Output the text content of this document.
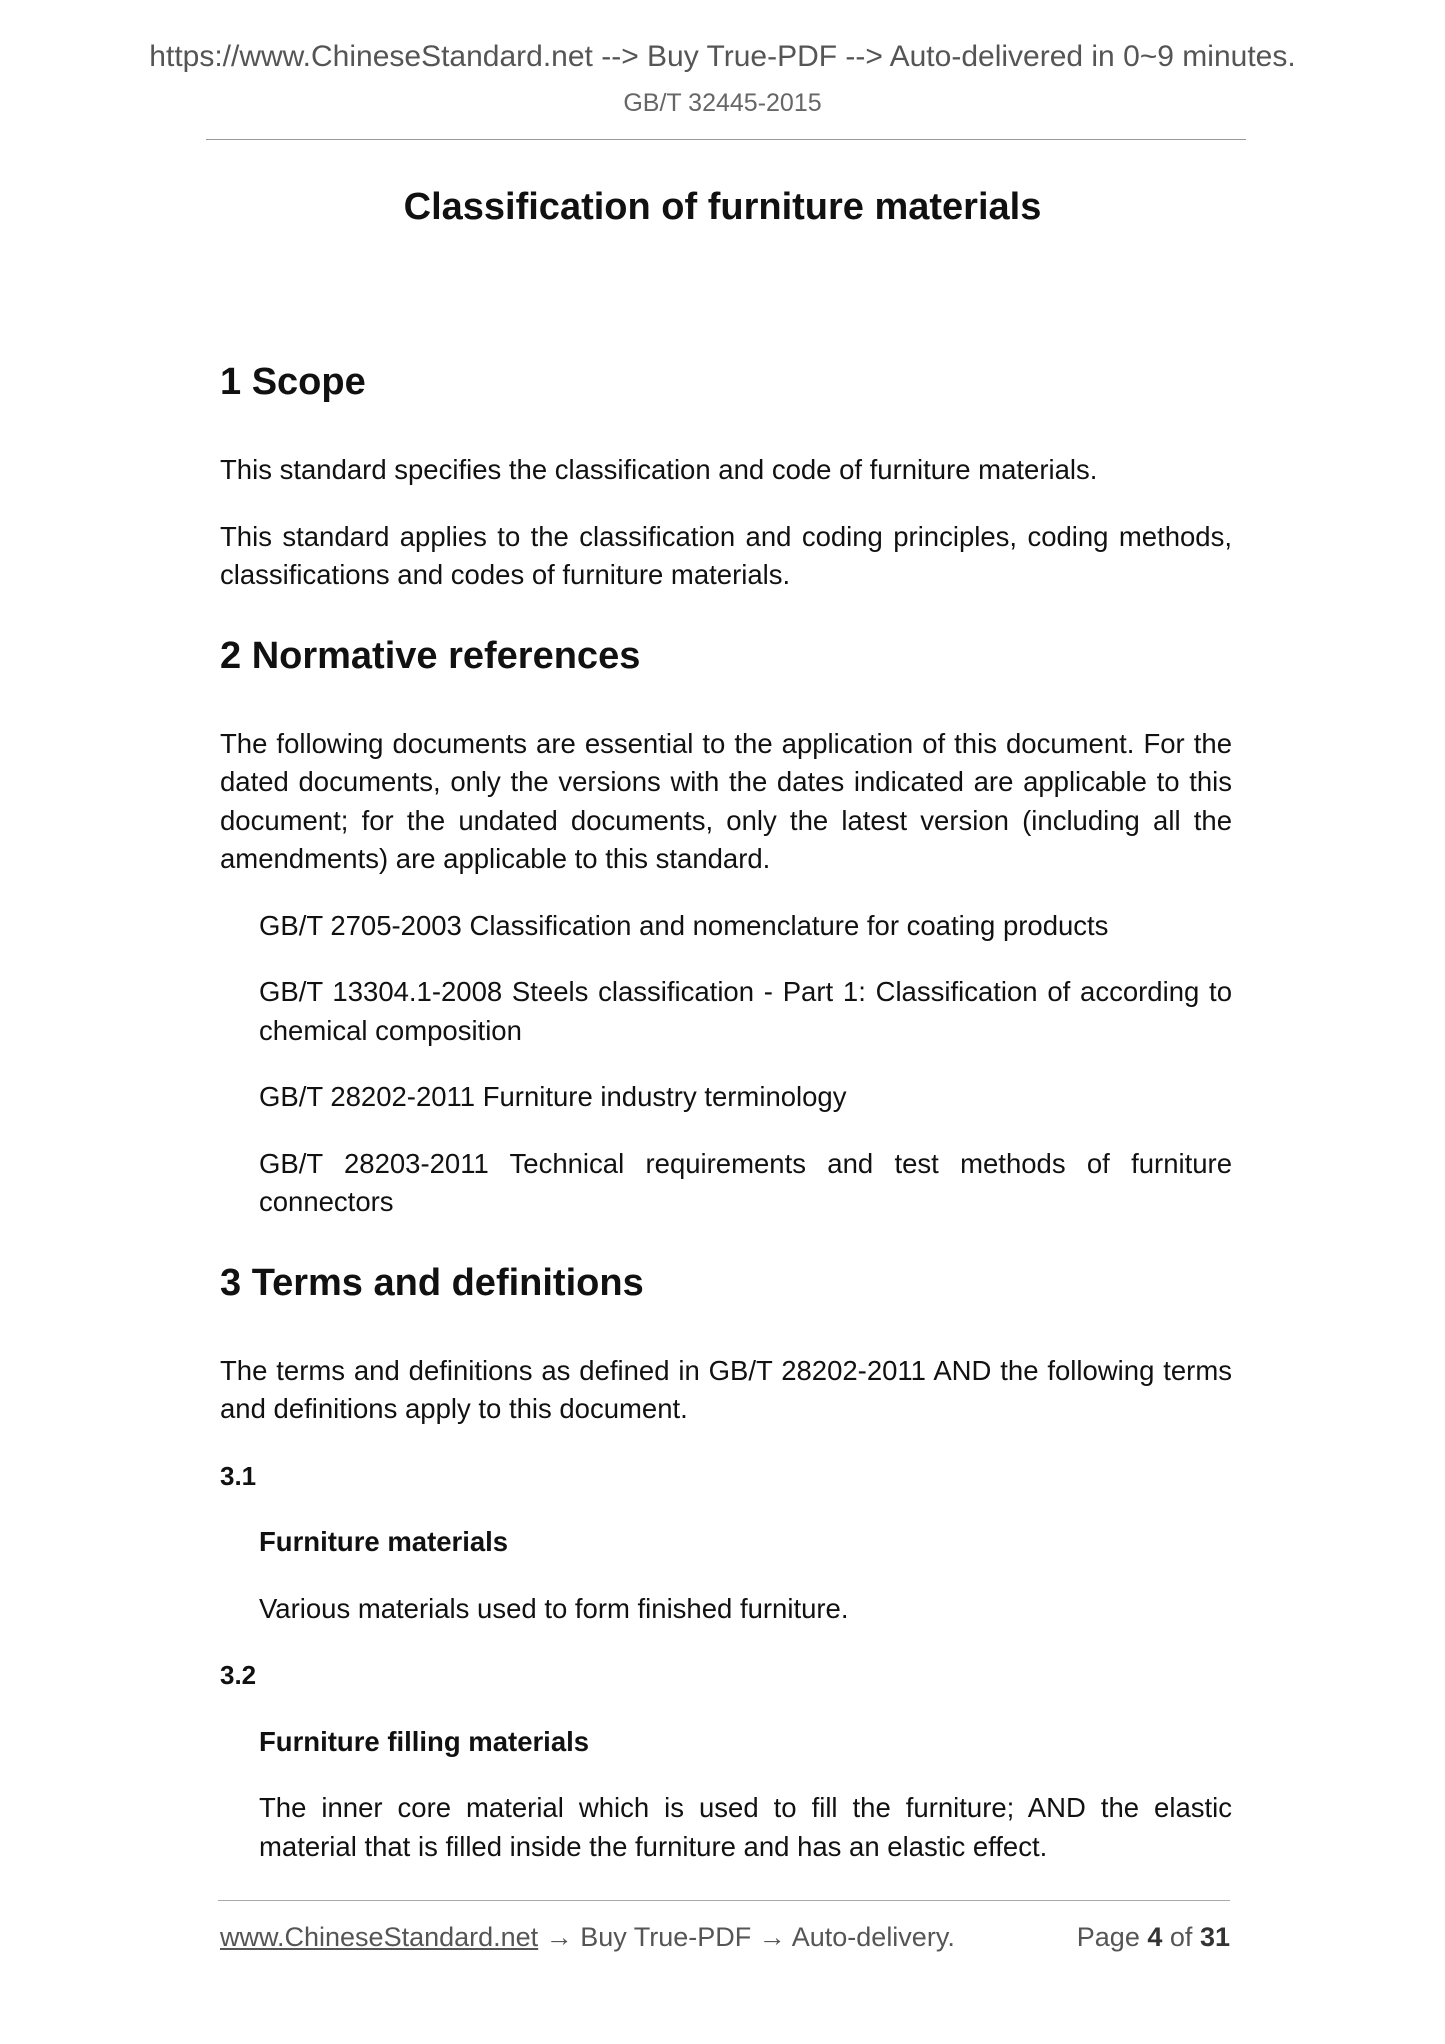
https://www.ChineseStandard.net --> Buy True-PDF --> Auto-delivered in 0~9 minutes.
GB/T 32445-2015
Classification of furniture materials
1 Scope

This standard specifies the classification and code of furniture materials.

This standard applies to the classification and coding principles, coding methods, classifications and codes of furniture materials.

2 Normative references

The following documents are essential to the application of this document. For the dated documents, only the versions with the dates indicated are applicable to this document; for the undated documents, only the latest version (including all the amendments) are applicable to this standard.

GB/T 2705-2003 Classification and nomenclature for coating products

GB/T 13304.1-2008 Steels classification - Part 1: Classification of according to chemical composition

GB/T 28202-2011 Furniture industry terminology

GB/T 28203-2011 Technical requirements and test methods of furniture connectors

3 Terms and definitions

The terms and definitions as defined in GB/T 28202-2011 AND the following terms and definitions apply to this document.

3.1

Furniture materials

Various materials used to form finished furniture.

3.2

Furniture filling materials

The inner core material which is used to fill the furniture; AND the elastic material that is filled inside the furniture and has an elastic effect.

www.ChineseStandard.net → Buy True-PDF → Auto-delivery.	Page 4 of 31
